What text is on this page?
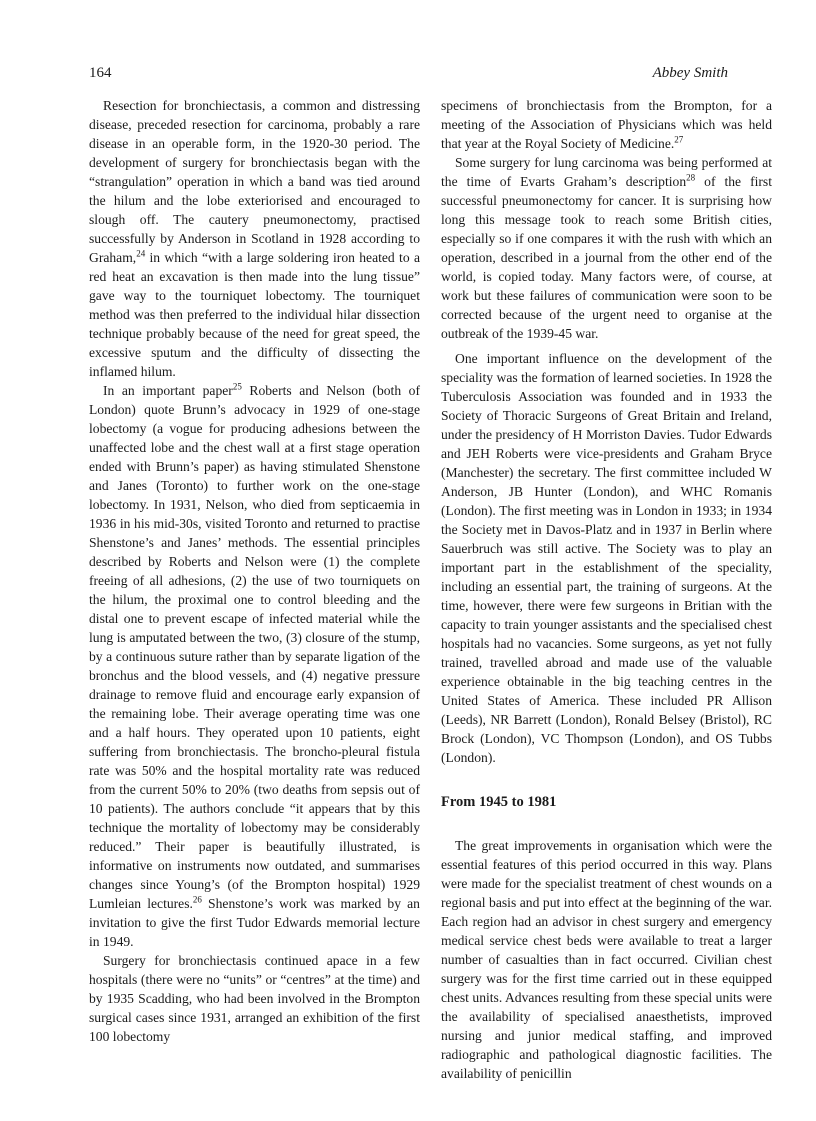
164	Abbey Smith

Resection for bronchiectasis, a common and distressing disease, preceded resection for carcinoma, probably a rare disease in an operable form, in the 1920-30 period. The development of surgery for bronchiectasis began with the “strangulation” operation in which a band was tied around the hilum and the lobe exteriorised and encouraged to slough off. The cautery pneumonectomy, practised successfully by Anderson in Scotland in 1928 according to Graham,$^{24}$ in which “with a large soldering iron heated to a red heat an excavation is then made into the lung tissue” gave way to the tourniquet lobectomy. The tourniquet method was then preferred to the individual hilar dissection technique probably because of the need for great speed, the excessive sputum and the difficulty of dissecting the inflamed hilum.

In an important paper$^{25}$ Roberts and Nelson (both of London) quote Brunn’s advocacy in 1929 of one-stage lobectomy (a vogue for producing adhesions between the unaffected lobe and the chest wall at a first stage operation ended with Brunn’s paper) as having stimulated Shenstone and Janes (Toronto) to further work on the one-stage lobectomy. In 1931, Nelson, who died from septicaemia in 1936 in his mid-30s, visited Toronto and returned to practise Shenstone’s and Janes’ methods. The essential principles described by Roberts and Nelson were (1) the complete freeing of all adhesions, (2) the use of two tourniquets on the hilum, the proximal one to control bleeding and the distal one to prevent escape of infected material while the lung is amputated between the two, (3) closure of the stump, by a continuous suture rather than by separate ligation of the bronchus and the blood vessels, and (4) negative pressure drainage to remove fluid and encourage early expansion of the remaining lobe. Their average operating time was one and a half hours. They operated upon 10 patients, eight suffering from bronchiectasis. The broncho-pleural fistula rate was 50% and the hospital mortality rate was reduced from the current 50% to 20% (two deaths from sepsis out of 10 patients). The authors conclude “it appears that by this technique the mortality of lobectomy may be considerably reduced.” Their paper is beautifully illustrated, is informative on instruments now outdated, and summarises changes since Young’s (of the Brompton hospital) 1929 Lumleian lectures.$^{26}$ Shenstone’s work was marked by an invitation to give the first Tudor Edwards memorial lecture in 1949.

Surgery for bronchiectasis continued apace in a few hospitals (there were no “units” or “centres” at the time) and by 1935 Scadding, who had been involved in the Brompton surgical cases since 1931, arranged an exhibition of the first 100 lobectomy

specimens of bronchiectasis from the Brompton, for a meeting of the Association of Physicians which was held that year at the Royal Society of Medicine.$^{27}$

Some surgery for lung carcinoma was being performed at the time of Evarts Graham’s description$^{28}$ of the first successful pneumonectomy for cancer. It is surprising how long this message took to reach some British cities, especially so if one compares it with the rush with which an operation, described in a journal from the other end of the world, is copied today. Many factors were, of course, at work but these failures of communication were soon to be corrected because of the urgent need to organise at the outbreak of the 1939-45 war.

One important influence on the development of the speciality was the formation of learned societies. In 1928 the Tuberculosis Association was founded and in 1933 the Society of Thoracic Surgeons of Great Britain and Ireland, under the presidency of H Morriston Davies. Tudor Edwards and JEH Roberts were vice-presidents and Graham Bryce (Manchester) the secretary. The first committee included W Anderson, JB Hunter (London), and WHC Romanis (London). The first meeting was in London in 1933; in 1934 the Society met in Davos-Platz and in 1937 in Berlin where Sauerbruch was still active. The Society was to play an important part in the establishment of the speciality, including an essential part, the training of surgeons. At the time, however, there were few surgeons in Britian with the capacity to train younger assistants and the specialised chest hospitals had no vacancies. Some surgeons, as yet not fully trained, travelled abroad and made use of the valuable experience obtainable in the big teaching centres in the United States of America. These included PR Allison (Leeds), NR Barrett (London), Ronald Belsey (Bristol), RC Brock (London), VC Thompson (London), and OS Tubbs (London).

From 1945 to 1981

The great improvements in organisation which were the essential features of this period occurred in this way. Plans were made for the specialist treatment of chest wounds on a regional basis and put into effect at the beginning of the war. Each region had an advisor in chest surgery and emergency medical service chest beds were available to treat a larger number of casualties than in fact occurred. Civilian chest surgery was for the first time carried out in these equipped chest units. Advances resulting from these special units were the availability of specialised anaesthetists, improved nursing and junior medical staffing, and improved radiographic and pathological diagnostic facilities. The availability of penicillin
